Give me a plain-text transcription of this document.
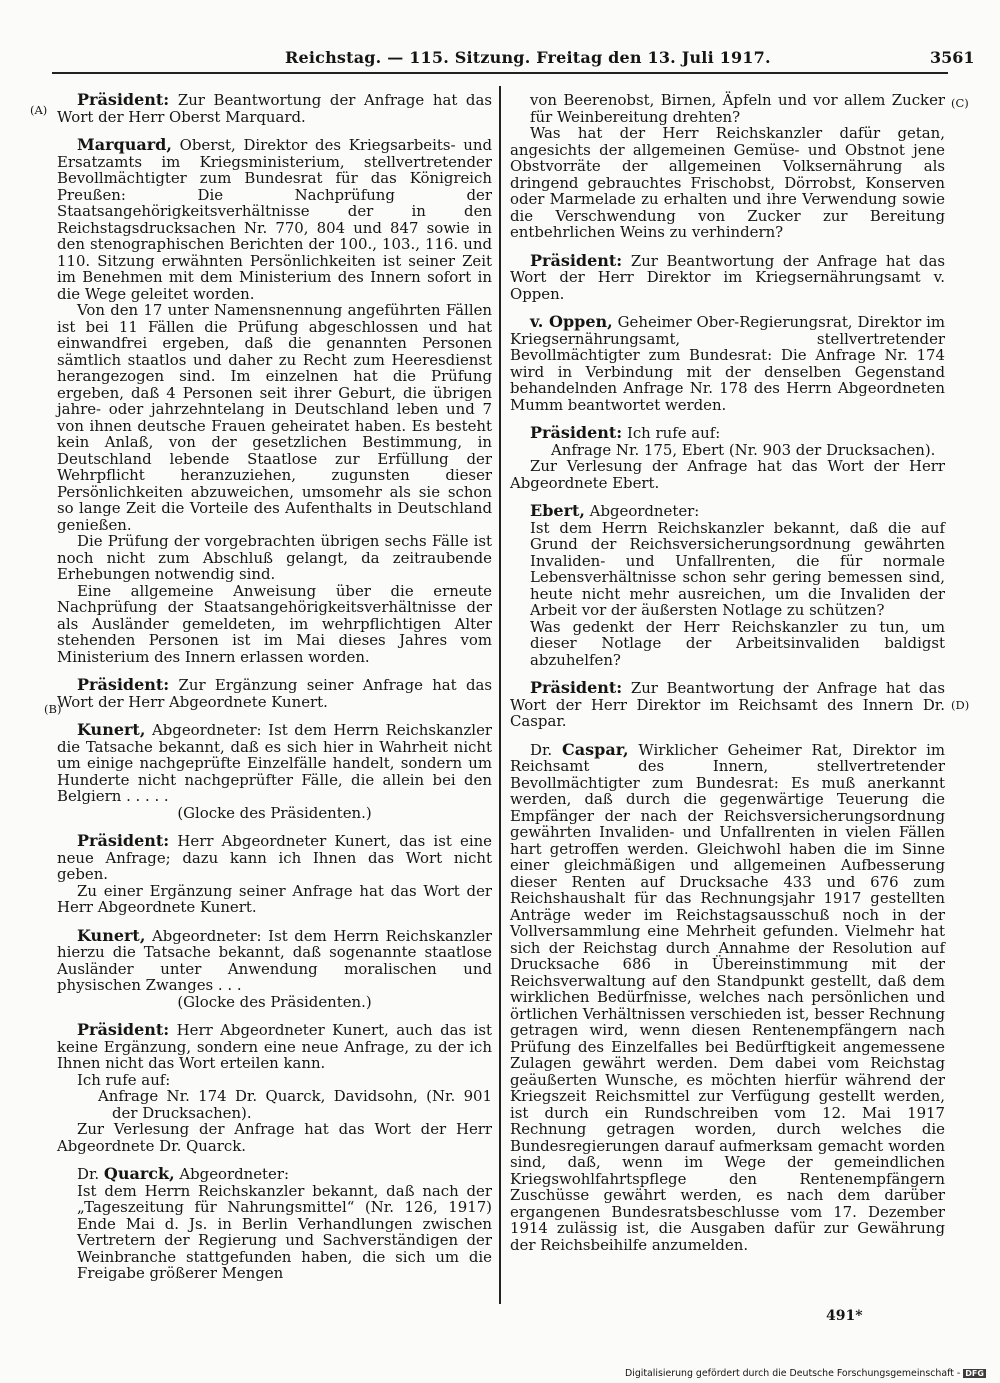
Reichstag. — 115. Sitzung. Freitag den 13. Juli 1917.	3561
(A)
(B)
(C)
(D)

Präsident: Zur Beantwortung der Anfrage hat das Wort der Herr Oberst Marquard.

Marquard, Oberst, Direktor des Kriegsarbeits- und Ersatzamts im Kriegsministerium, stellvertretender Bevollmächtigter zum Bundesrat für das Königreich Preußen: Die Nachprüfung der Staatsangehörigkeitsverhältnisse der in den Reichstagsdrucksachen Nr. 770, 804 und 847 sowie in den stenographischen Berichten der 100., 103., 116. und 110. Sitzung erwähnten Persönlichkeiten ist seiner Zeit im Benehmen mit dem Ministerium des Innern sofort in die Wege geleitet worden.

Von den 17 unter Namensnennung angeführten Fällen ist bei 11 Fällen die Prüfung abgeschlossen und hat einwandfrei ergeben, daß die genannten Personen sämtlich staatlos und daher zu Recht zum Heeresdienst herangezogen sind. Im einzelnen hat die Prüfung ergeben, daß 4 Personen seit ihrer Geburt, die übrigen jahre- oder jahrzehntelang in Deutschland leben und 7 von ihnen deutsche Frauen geheiratet haben. Es besteht kein Anlaß, von der gesetzlichen Bestimmung, in Deutschland lebende Staatlose zur Erfüllung der Wehrpflicht heranzuziehen, zugunsten dieser Persönlichkeiten abzuweichen, umsomehr als sie schon so lange Zeit die Vorteile des Aufenthalts in Deutschland genießen.

Die Prüfung der vorgebrachten übrigen sechs Fälle ist noch nicht zum Abschluß gelangt, da zeitraubende Erhebungen notwendig sind.

Eine allgemeine Anweisung über die erneute Nachprüfung der Staatsangehörigkeitsverhältnisse der als Ausländer gemeldeten, im wehrpflichtigen Alter stehenden Personen ist im Mai dieses Jahres vom Ministerium des Innern erlassen worden.

Präsident: Zur Ergänzung seiner Anfrage hat das Wort der Herr Abgeordnete Kunert.

Kunert, Abgeordneter: Ist dem Herrn Reichskanzler die Tatsache bekannt, daß es sich hier in Wahrheit nicht um einige nachgeprüfte Einzelfälle handelt, sondern um Hunderte nicht nachgeprüfter Fälle, die allein bei den Belgiern . . . . .

(Glocke des Präsidenten.)

Präsident: Herr Abgeordneter Kunert, das ist eine neue Anfrage; dazu kann ich Ihnen das Wort nicht geben.

Zu einer Ergänzung seiner Anfrage hat das Wort der Herr Abgeordnete Kunert.

Kunert, Abgeordneter: Ist dem Herrn Reichskanzler hierzu die Tatsache bekannt, daß sogenannte staatlose Ausländer unter Anwendung moralischen und physischen Zwanges . . .

(Glocke des Präsidenten.)

Präsident: Herr Abgeordneter Kunert, auch das ist keine Ergänzung, sondern eine neue Anfrage, zu der ich Ihnen nicht das Wort erteilen kann.

Ich rufe auf:

Anfrage Nr. 174 Dr. Quarck, Davidsohn, (Nr. 901 der Drucksachen).

Zur Verlesung der Anfrage hat das Wort der Herr Abgeordnete Dr. Quarck.

Dr. Quarck, Abgeordneter:

Ist dem Herrn Reichskanzler bekannt, daß nach der „Tageszeitung für Nahrungsmittel“ (Nr. 126, 1917) Ende Mai d. Js. in Berlin Verhandlungen zwischen Vertretern der Regierung und Sachverständigen der Weinbranche stattgefunden haben, die sich um die Freigabe größerer Mengen

von Beerenobst, Birnen, Äpfeln und vor allem Zucker für Weinbereitung drehten?

Was hat der Herr Reichskanzler dafür getan, angesichts der allgemeinen Gemüse- und Obstnot jene Obstvorräte der allgemeinen Volksernährung als dringend gebrauchtes Frischobst, Dörrobst, Konserven oder Marmelade zu erhalten und ihre Verwendung sowie die Verschwendung von Zucker zur Bereitung entbehrlichen Weins zu verhindern?

Präsident: Zur Beantwortung der Anfrage hat das Wort der Herr Direktor im Kriegsernährungsamt v. Oppen.

v. Oppen, Geheimer Ober-Regierungsrat, Direktor im Kriegsernährungsamt, stellvertretender Bevollmächtigter zum Bundesrat: Die Anfrage Nr. 174 wird in Verbindung mit der denselben Gegenstand behandelnden Anfrage Nr. 178 des Herrn Abgeordneten Mumm beantwortet werden.

Präsident: Ich rufe auf:

Anfrage Nr. 175, Ebert (Nr. 903 der Drucksachen).

Zur Verlesung der Anfrage hat das Wort der Herr Abgeordnete Ebert.

Ebert, Abgeordneter:

Ist dem Herrn Reichskanzler bekannt, daß die auf Grund der Reichsversicherungsordnung gewährten Invaliden- und Unfallrenten, die für normale Lebensverhältnisse schon sehr gering bemessen sind, heute nicht mehr ausreichen, um die Invaliden der Arbeit vor der äußersten Notlage zu schützen?

Was gedenkt der Herr Reichskanzler zu tun, um dieser Notlage der Arbeitsinvaliden baldigst abzuhelfen?

Präsident: Zur Beantwortung der Anfrage hat das Wort der Herr Direktor im Reichsamt des Innern Dr. Caspar.

Dr. Caspar, Wirklicher Geheimer Rat, Direktor im Reichsamt des Innern, stellvertretender Bevollmächtigter zum Bundesrat: Es muß anerkannt werden, daß durch die gegenwärtige Teuerung die Empfänger der nach der Reichsversicherungsordnung gewährten Invaliden- und Unfallrenten in vielen Fällen hart getroffen werden. Gleichwohl haben die im Sinne einer gleichmäßigen und allgemeinen Aufbesserung dieser Renten auf Drucksache 433 und 676 zum Reichshaushalt für das Rechnungsjahr 1917 gestellten Anträge weder im Reichstagsausschuß noch in der Vollversammlung eine Mehrheit gefunden. Vielmehr hat sich der Reichstag durch Annahme der Resolution auf Drucksache 686 in Übereinstimmung mit der Reichsverwaltung auf den Standpunkt gestellt, daß dem wirklichen Bedürfnisse, welches nach persönlichen und örtlichen Verhältnissen verschieden ist, besser Rechnung getragen wird, wenn diesen Rentenempfängern nach Prüfung des Einzelfalles bei Bedürftigkeit angemessene Zulagen gewährt werden. Dem dabei vom Reichstag geäußerten Wunsche, es möchten hierfür während der Kriegszeit Reichsmittel zur Verfügung gestellt werden, ist durch ein Rundschreiben vom 12. Mai 1917 Rechnung getragen worden, durch welches die Bundesregierungen darauf aufmerksam gemacht worden sind, daß, wenn im Wege der gemeindlichen Kriegswohlfahrtspflege den Rentenempfängern Zuschüsse gewährt werden, es nach dem darüber ergangenen Bundesratsbeschlusse vom 17. Dezember 1914 zulässig ist, die Ausgaben dafür zur Gewährung der Reichsbeihilfe anzumelden.

491*
Digitalisierung gefördert durch die Deutsche Forschungsgemeinschaft - DFG
